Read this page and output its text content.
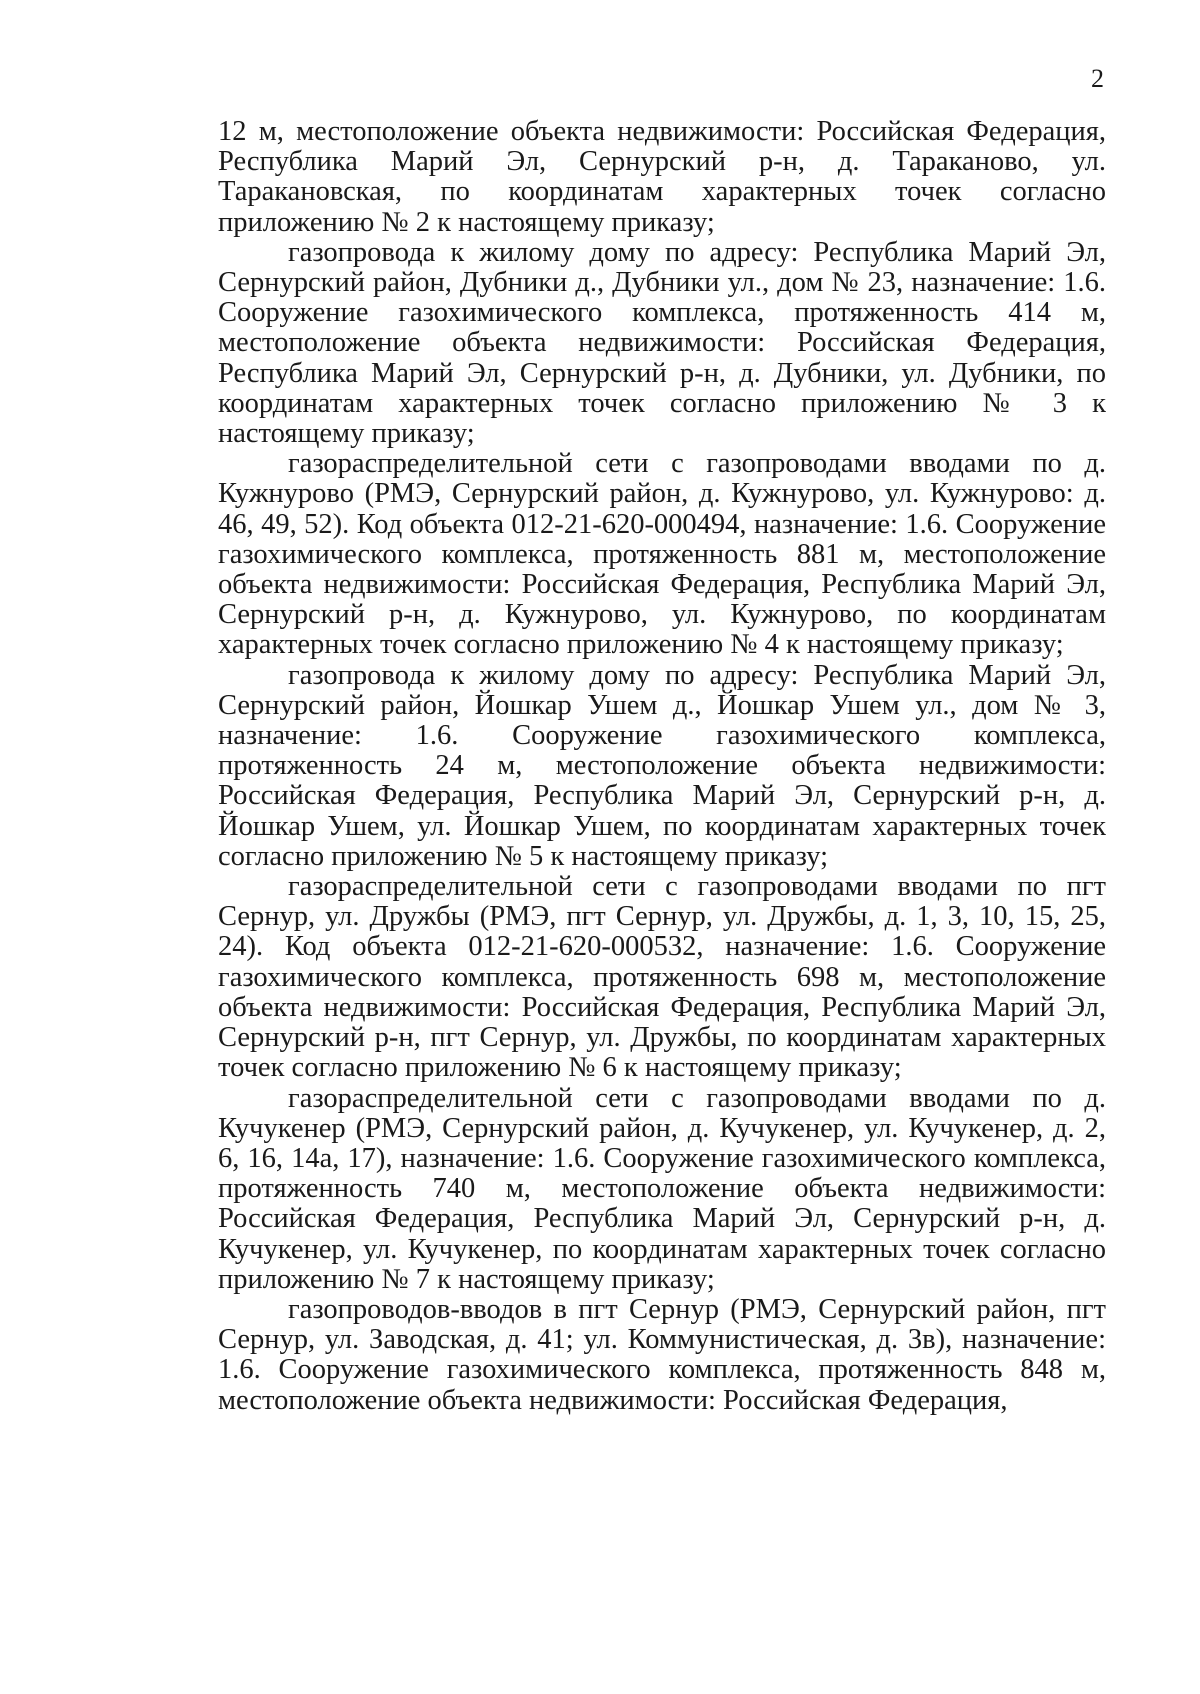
2

12 м, местоположение объекта недвижимости: Российская Федерация, Республика Марий Эл, Сернурский р-н, д. Тараканово, ул. Таракановская, по координатам характерных точек согласно приложению № 2 к настоящему приказу;

газопровода к жилому дому по адресу: Республика Марий Эл, Сернурский район, Дубники д., Дубники ул., дом № 23, назначение: 1.6. Сооружение газохимического комплекса, протяженность 414 м, местоположение объекта недвижимости: Российская Федерация, Республика Марий Эл, Сернурский р-н, д. Дубники, ул. Дубники, по координатам характерных точек согласно приложению № 3 к настоящему приказу;

газораспределительной сети с газопроводами вводами по д. Кужнурово (РМЭ, Сернурский район, д. Кужнурово, ул. Кужнурово: д. 46, 49, 52). Код объекта 012-21-620-000494, назначение: 1.6. Сооружение газохимического комплекса, протяженность 881 м, местоположение объекта недвижимости: Российская Федерация, Республика Марий Эл, Сернурский р-н, д. Кужнурово, ул. Кужнурово, по координатам характерных точек согласно приложению № 4 к настоящему приказу;

газопровода к жилому дому по адресу: Республика Марий Эл, Сернурский район, Йошкар Ушем д., Йошкар Ушем ул., дом № 3, назначение: 1.6. Сооружение газохимического комплекса, протяженность 24 м, местоположение объекта недвижимости: Российская Федерация, Республика Марий Эл, Сернурский р-н, д. Йошкар Ушем, ул. Йошкар Ушем, по координатам характерных точек согласно приложению № 5 к настоящему приказу;

газораспределительной сети с газопроводами вводами по пгт Сернур, ул. Дружбы (РМЭ, пгт Сернур, ул. Дружбы, д. 1, 3, 10, 15, 25, 24). Код объекта 012-21-620-000532, назначение: 1.6. Сооружение газохимического комплекса, протяженность 698 м, местоположение объекта недвижимости: Российская Федерация, Республика Марий Эл, Сернурский р-н, пгт Сернур, ул. Дружбы, по координатам характерных точек согласно приложению № 6 к настоящему приказу;

газораспределительной сети с газопроводами вводами по д. Кучукенер (РМЭ, Сернурский район, д. Кучукенер, ул. Кучукенер, д. 2, 6, 16, 14а, 17), назначение: 1.6. Сооружение газохимического комплекса, протяженность 740 м, местоположение объекта недвижимости: Российская Федерация, Республика Марий Эл, Сернурский р-н, д. Кучукенер, ул. Кучукенер, по координатам характерных точек согласно приложению № 7 к настоящему приказу;

газопроводов-вводов в пгт Сернур (РМЭ, Сернурский район, пгт Сернур, ул. Заводская, д. 41; ул. Коммунистическая, д. 3в), назначение: 1.6. Сооружение газохимического комплекса, протяженность 848 м, местоположение объекта недвижимости: Российская Федерация,
